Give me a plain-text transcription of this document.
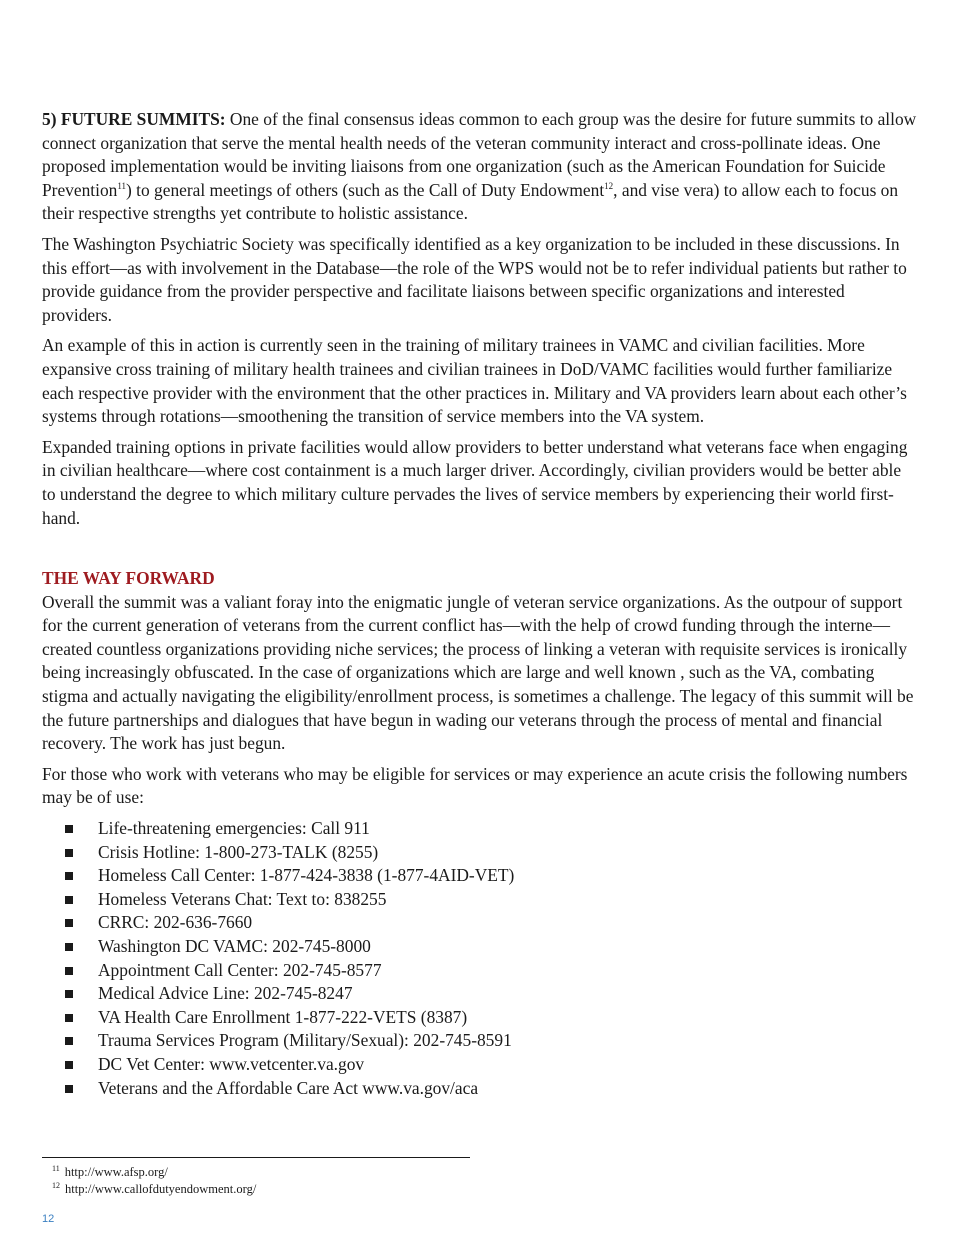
5) FUTURE SUMMITS: One of the final consensus ideas common to each group was the desire for future summits to allow connect organization that serve the mental health needs of the veteran community interact and cross-pollinate ideas. One proposed implementation would be inviting liaisons from one organization (such as the American Foundation for Suicide Prevention$^{11}$) to general meetings of others (such as the Call of Duty Endowment$^{12}$, and vise vera) to allow each to focus on their respective strengths yet contribute to holistic assistance.

The Washington Psychiatric Society was specifically identified as a key organization to be included in these discussions. In this effort—as with involvement in the Database—the role of the WPS would not be to refer individual patients but rather to provide guidance from the provider perspective and facilitate liaisons between specific organizations and interested providers.

An example of this in action is currently seen in the training of military trainees in VAMC and civilian facilities. More expansive cross training of military health trainees and civilian trainees in DoD/VAMC facilities would further familiarize each respective provider with the environment that the other practices in. Military and VA providers learn about each other’s systems through rotations—smoothening the transition of service members into the VA system.

Expanded training options in private facilities would allow providers to better understand what veterans face when engaging in civilian healthcare—where cost containment is a much larger driver. Accordingly, civilian providers would be better able to understand the degree to which military culture pervades the lives of service members by experiencing their world first-hand.

THE WAY FORWARD

Overall the summit was a valiant foray into the enigmatic jungle of veteran service organizations. As the outpour of support for the current generation of veterans from the current conflict has—with the help of crowd funding through the interne—created countless organizations providing niche services; the process of linking a veteran with requisite services is ironically being increasingly obfuscated. In the case of organizations which are large and well known , such as the VA, combating stigma and actually navigating the eligibility/enrollment process, is sometimes a challenge. The legacy of this summit will be the future partnerships and dialogues that have begun in wading our veterans through the process of mental and financial recovery. The work has just begun.

For those who work with veterans who may be eligible for services or may experience an acute crisis the following numbers may be of use:

Life-threatening emergencies: Call 911
Crisis Hotline: 1-800-273-TALK (8255)
Homeless Call Center: 1-877-424-3838 (1-877-4AID-VET)
Homeless Veterans Chat: Text to: 838255
CRRC: 202-636-7660
Washington DC VAMC: 202-745-8000
Appointment Call Center: 202-745-8577
Medical Advice Line: 202-745-8247
VA Health Care Enrollment 1-877-222-VETS (8387)
Trauma Services Program (Military/Sexual): 202-745-8591
DC Vet Center: www.vetcenter.va.gov
Veterans and the Affordable Care Act www.va.gov/aca
$^{11}$ http://www.afsp.org/
$^{12}$ http://www.callofdutyendowment.org/
12
